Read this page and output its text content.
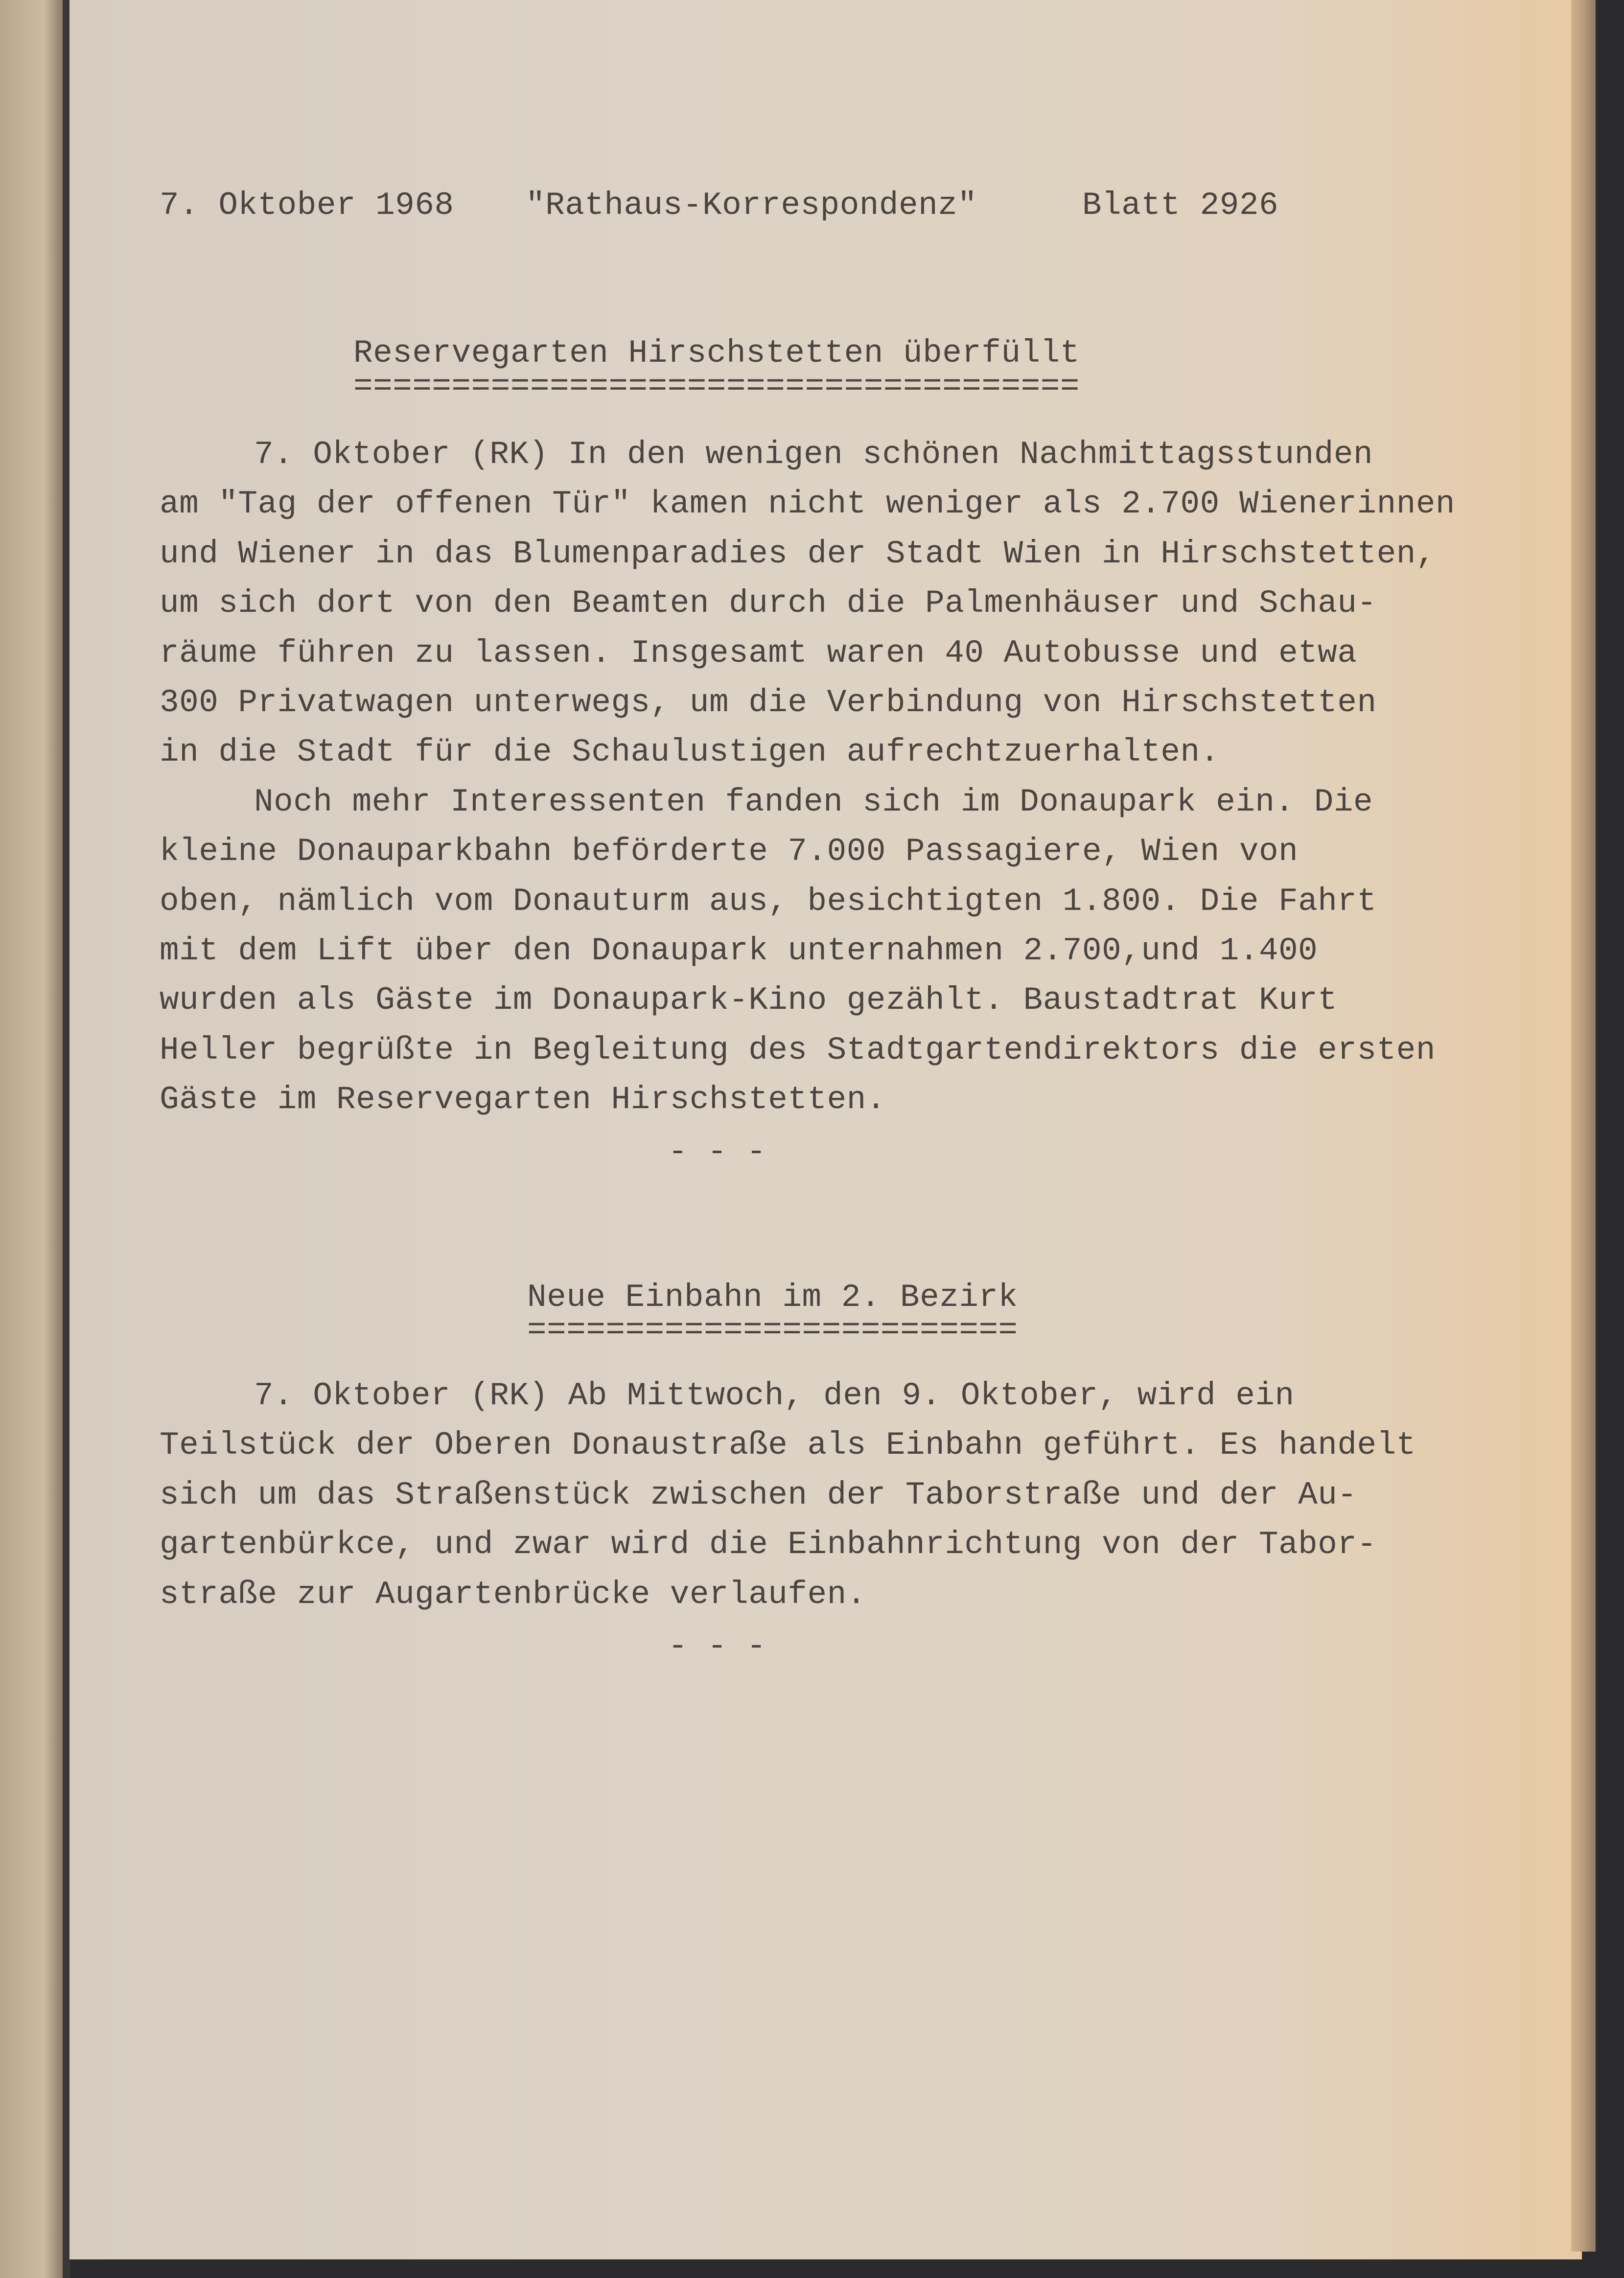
7. Oktober 1968 "Rathaus-Korrespondenz"	Blatt 2926
Reservegarten Hirschstetten überfüllt
=====================================
7. Oktober (RK) In den wenigen schönen Nachmittagsstunden
am "Tag der offenen Tür" kamen nicht weniger als 2.700 Wienerinnen
und Wiener in das Blumenparadies der Stadt Wien in Hirschstetten,
um sich dort von den Beamten durch die Palmenhäuser und Schau-
räume führen zu lassen. Insgesamt waren 40 Autobusse und etwa
300 Privatwagen unterwegs, um die Verbindung von Hirschstetten
in die Stadt für die Schaulustigen aufrechtzuerhalten.
Noch mehr Interessenten fanden sich im Donaupark ein. Die
kleine Donauparkbahn beförderte 7.000 Passagiere, Wien von
oben, nämlich vom Donauturm aus, besichtigten 1.800. Die Fahrt
mit dem Lift über den Donaupark unternahmen 2.700,und 1.400
wurden als Gäste im Donaupark-Kino gezählt. Baustadtrat Kurt
Heller begrüßte in Begleitung des Stadtgartendirektors die ersten
Gäste im Reservegarten Hirschstetten.
- - -
Neue Einbahn im 2. Bezirk
=========================
7. Oktober (RK) Ab Mittwoch, den 9. Oktober, wird ein
Teilstück der Oberen Donaustraße als Einbahn geführt. Es handelt
sich um das Straßenstück zwischen der Taborstraße und der Au-
gartenbürkce, und zwar wird die Einbahnrichtung von der Tabor-
straße zur Augartenbrücke verlaufen.
- - -
